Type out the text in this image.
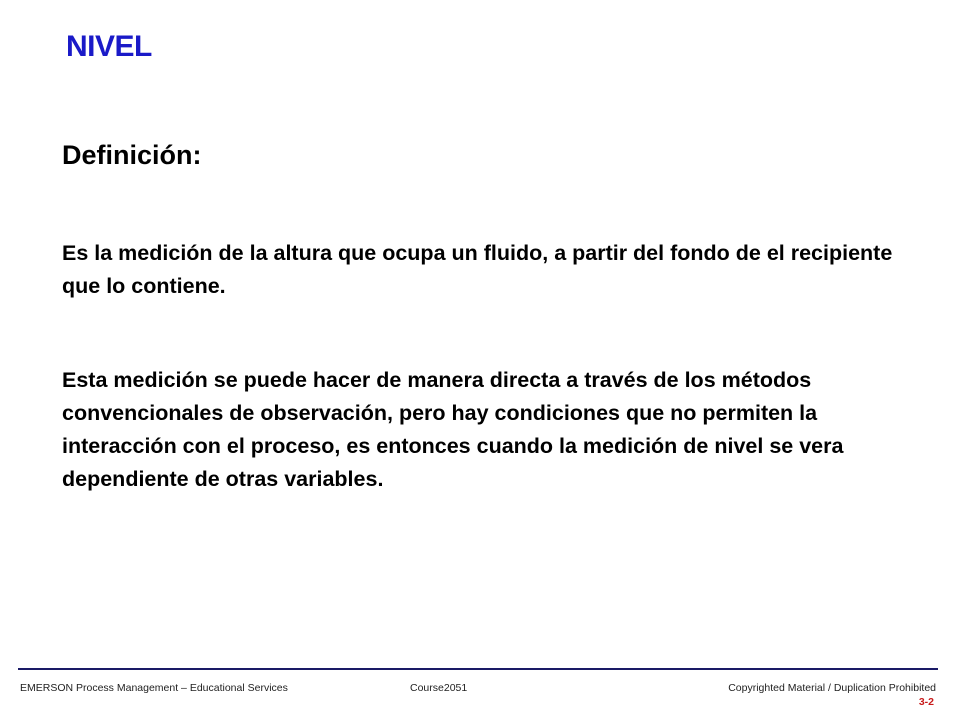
NIVEL
Definición:

Es la medición de la altura que ocupa un fluido, a partir del fondo de el recipiente que lo contiene.

Esta medición se puede hacer de manera directa a través de los métodos convencionales de observación, pero hay condiciones que no permiten la interacción con el proceso, es entonces cuando la medición de nivel se vera dependiente de otras variables.

EMERSON Process Management – Educational Services	Course2051	Copyrighted Material / Duplication Prohibited
3-2
